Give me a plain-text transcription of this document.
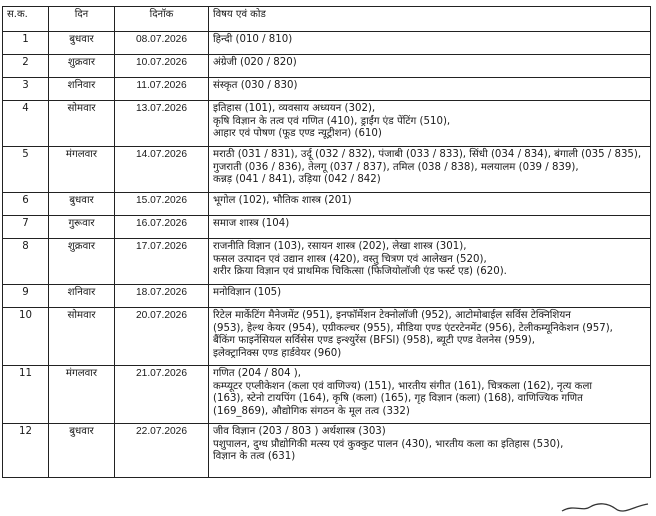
स.क.	दिन	दिनॉक	विषय एवं कोड
1	बुधवार	08.07.2026	हिन्दी (010 / 810)

2	शुक्रवार	10.07.2026	अंग्रेजी (020 / 820)

3	शनिवार	11.07.2026	संस्कृत (030 / 830)

4	सोमवार	13.07.2026	इतिहास (101), व्यवसाय अध्ययन (302),
कृषि विज्ञान के तत्व एवं गणित (410), ड्राईंग एंड पेंटिंग (510),
आहार एवं पोषण (फूड एण्ड न्यूट्रीशन) (610)

5	मंगलवार	14.07.2026	मराठी (031 / 831), उर्दू (032 / 832), पंजाबी (033 / 833), सिंधी (034 / 834), बंगाली (035 / 835),
गुजराती (036 / 836), तेलगू (037 / 837), तमिल (038 / 838), मलयालम (039 / 839),
कन्नड़ (041 / 841), उड़िया (042 / 842)

6	बुधवार	15.07.2026	भूगोल (102), भौतिक शास्त्र (201)

7	गुरूवार	16.07.2026	समाज शास्त्र (104)

8	शुक्रवार	17.07.2026	राजनीति विज्ञान (103), रसायन शास्त्र (202), लेखा शास्त्र (301),
फसल उत्पादन एवं उद्यान शास्त्र (420), वस्तु चित्रण एवं आलेखन (520),
शरीर क्रिया विज्ञान एवं प्राथमिक चिकित्सा (फिजियोलॉजी एंड फर्स्ट एड) (620).

9	शनिवार	18.07.2026	मनोविज्ञान (105)

10	सोमवार	20.07.2026	रिटेल मार्केटिंग मैनेजमेंट (951), इनफॉर्मेशन टेक्नोलॉजी (952), आटोमोबाईल सर्विस टेक्निशियन
(953), हेल्थ केयर (954), एग्रीकल्चर (955), मीडिया एण्ड एंटरटेनमेंट (956), टेलीकम्यूनिकेशन (957),
बैंकिंग फाइनेंसियल सर्विसेस एण्ड इन्श्युरेंस (BFSI) (958), ब्यूटी एण्ड वेलनेस (959),
इलेक्ट्रानिक्स एण्ड हार्डवेयर (960)

11	मंगलवार	21.07.2026	गणित (204 / 804 ),
कम्प्यूटर एप्लीकेशन (कला एवं वाणिज्य) (151), भारतीय संगीत (161), चित्रकला (162), नृत्य कला
(163), स्टेनो टायपिंग (164), कृषि (कला) (165), गृह विज्ञान (कला) (168), वाणिज्यिक गणित
(169_869), औद्योगिक संगठन के मूल तत्व (332)

12	बुधवार	22.07.2026	जीव विज्ञान (203 / 803 ) अर्थशास्त्र (303)
पशुपालन, दुग्ध प्रौद्योगिकी मत्स्य एवं कुक्कुट पालन (430), भारतीय कला का इतिहास (530),
विज्ञान के तत्व (631)
